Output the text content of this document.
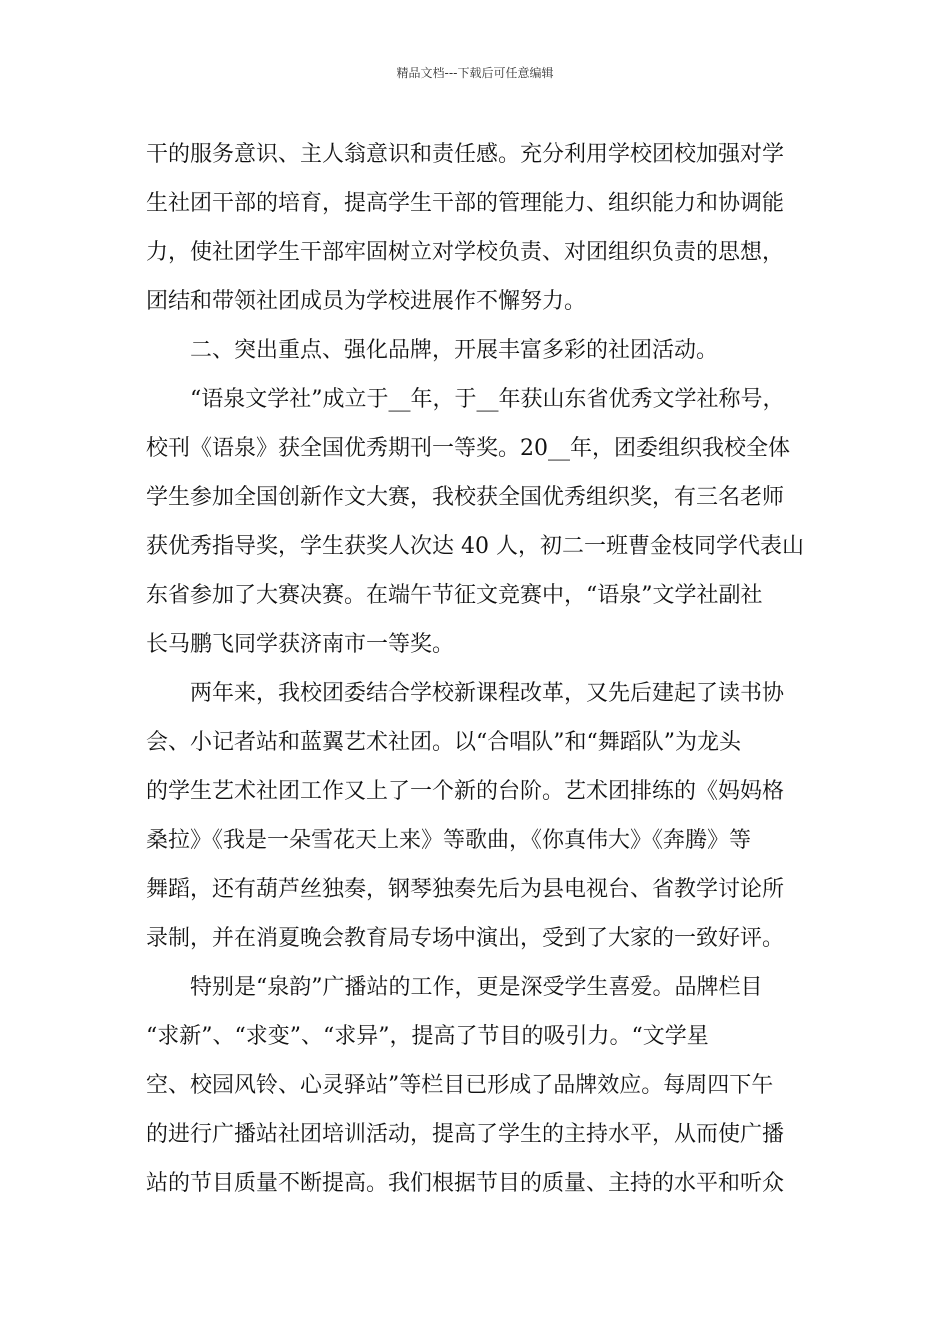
精品文档---下载后可任意编辑
干的服务意识、主人翁意识和责任感。充分利用学校团校加强对学
生社团干部的培育，提高学生干部的管理能力、组织能力和协调能
力，使社团学生干部牢固树立对学校负责、对团组织负责的思想，
团结和带领社团成员为学校进展作不懈努力。
二、突出重点、强化品牌，开展丰富多彩的社团活动。
“语泉文学社”成立于__年，于__年获山东省优秀文学社称号，
校刊《语泉》获全国优秀期刊一等奖。20__年，团委组织我校全体
学生参加全国创新作文大赛，我校获全国优秀组织奖，有三名老师
获优秀指导奖，学生获奖人次达 40 人，初二一班曹金枝同学代表山
东省参加了大赛决赛。在端午节征文竞赛中，“语泉”文学社副社
长马鹏飞同学获济南市一等奖。
两年来，我校团委结合学校新课程改革，又先后建起了读书协
会、小记者站和蓝翼艺术社团。以“合唱队”和“舞蹈队”为龙头
的学生艺术社团工作又上了一个新的台阶。艺术团排练的《妈妈格
桑拉》《我是一朵雪花天上来》等歌曲，《你真伟大》《奔腾》等
舞蹈，还有葫芦丝独奏，钢琴独奏先后为县电视台、省教学讨论所
录制，并在消夏晚会教育局专场中演出，受到了大家的一致好评。
特别是“泉韵”广播站的工作，更是深受学生喜爱。品牌栏目
“求新”、“求变”、“求异”，提高了节目的吸引力。“文学星
空、校园风铃、心灵驿站”等栏目已形成了品牌效应。每周四下午
的进行广播站社团培训活动，提高了学生的主持水平，从而使广播
站的节目质量不断提高。我们根据节目的质量、主持的水平和听众
